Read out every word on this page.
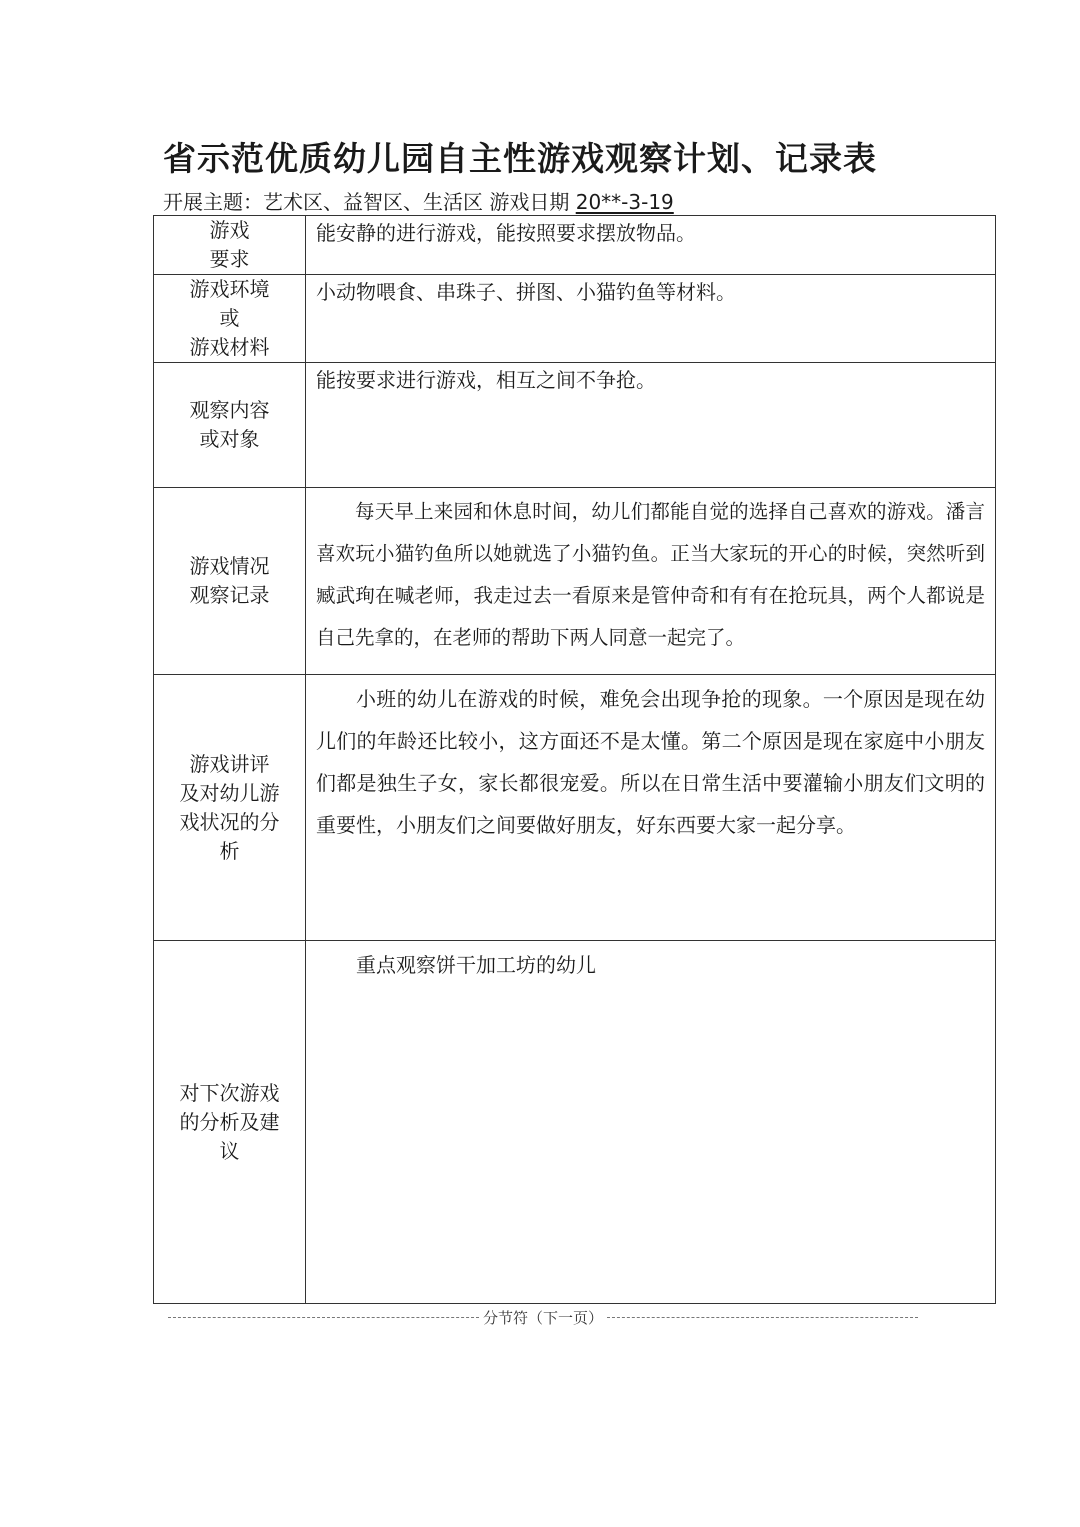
省示范优质幼儿园自主性游戏观察计划、记录表
开展主题：艺术区、益智区、生活区 游戏日期 20**-3-19
游戏
要求	能安静的进行游戏，能按照要求摆放物品。

游戏环境
或
游戏材料	小动物喂食、串珠子、拼图、小猫钓鱼等材料。

观察内容
或对象	能按要求进行游戏，相互之间不争抢。

游戏情况
观察记录	每天早上来园和休息时间，幼儿们都能自觉的选择自己喜欢的游戏。潘言喜欢玩小猫钓鱼所以她就选了小猫钓鱼。正当大家玩的开心的时候，突然听到臧武珣在喊老师，我走过去一看原来是管仲奇和有有在抢玩具，两个人都说是自己先拿的，在老师的帮助下两人同意一起完了。

游戏讲评
及对幼儿游
戏状况的分
析	小班的幼儿在游戏的时候，难免会出现争抢的现象。一个原因是现在幼儿们的年龄还比较小，这方面还不是太懂。第二个原因是现在家庭中小朋友们都是独生子女，家长都很宠爱。所以在日常生活中要灌输小朋友们文明的重要性，小朋友们之间要做好朋友，好东西要大家一起分享。

对下次游戏
的分析及建
议	重点观察饼干加工坊的幼儿
分节符（下一页）
